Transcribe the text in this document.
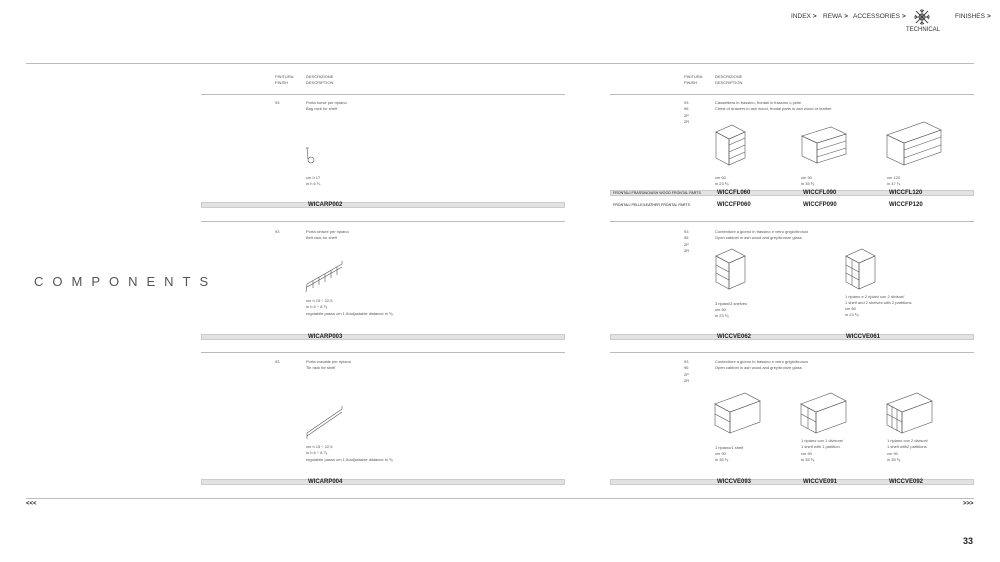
INDEX > REWA > ACCESSORIES >
TECHNICAL
FINISHES >
COMPONENTS
FINITURA
FINISH
DESCRIZIONE
DESCRIPTION
93	Porta borse per ripiano
Bag rack for shelf
cm h 17
in h 6 ³⁄₄
WICARP002
93	Porta cinture per ripiano
Belt rack for shelf
cm h 15 ÷ 22,5
in h 6 ÷ 8 ⁷⁄₈
regolabile passo cm 1,5/adjustable distance in ⁵⁄₈
WICARP003
93	Porta cravatte per ripiano
Tie rack for shelf
cm h 15 ÷ 22,5
in h 6 ÷ 8 ⁷⁄₈
regolabile passo cm 1,5/adjustable distance in ⁵⁄₈
WICARP004
FINITURA
FINISH
DESCRIZIONE
DESCRIPTION
93
96
2P
2R
Cassettiera in frassino, frontali in frassino o pelle
Chest of drawers in ash wood, frontal parts in ash wood or leather
cm 60
in 23 ⁵⁄₈
cm 90
in 35 ³⁄₈
cm 120
in 47 ¹⁄₄
FRONTALI FRASSINO/ASH WOOD FRONTAL PARTS	WICCFL060	WICCFL090	WICCFL120
FRONTALI PELLE/LEATHER FRONTAL PARTS	WICCFP060	WICCFP090	WICCFP120
93
96
2P
2R
Contenitore a giorno in frassino e vetro grigio/bronzo
Open cabinet in ash wood and grey/bronze glass
3 ripiani/3 shelves
cm 60
in 23 ⁵⁄₈
1 ripiano e 2 ripiani con 2 divisori/
1 shelf and 2 shelves with 2 partitions
cm 60
in 23 ⁵⁄₈
WICCVE062	WICCVE061
93
96
2P
2R
Contenitore a giorno in frassino e vetro grigio/bronzo
Open cabinet in ash wood and grey/bronze glass
1 ripiano/1 shelf
cm 90
in 35 ³⁄₈
1 ripiano con 1 divisore/
1 shelf with 1 partition
cm 90
in 35 ³⁄₈
1 ripiano con 2 divisori/
1 shelf with2 partitions
cm 90
in 35 ³⁄₈
WICCVE093	WICCVE091	WICCVE092
<<<	>>>
33
